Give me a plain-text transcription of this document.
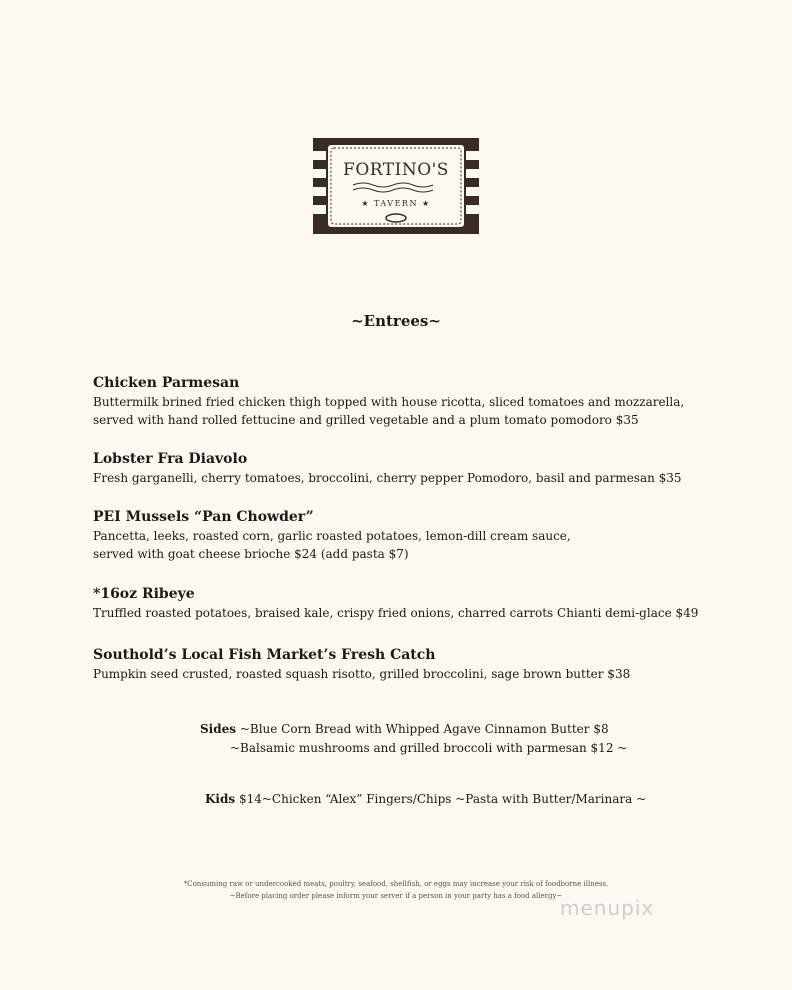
FORTINO'S
★ TAVERN ★
~Entrees~
Chicken Parmesan
Buttermilk brined fried chicken thigh topped with house ricotta, sliced tomatoes and mozzarella,
served with hand rolled fettucine and grilled vegetable and a plum tomato pomodoro $35
Lobster Fra Diavolo
Fresh garganelli, cherry tomatoes, broccolini, cherry pepper Pomodoro, basil and parmesan $35
PEI Mussels “Pan Chowder”
Pancetta, leeks, roasted corn, garlic roasted potatoes, lemon-dill cream sauce,
served with goat cheese brioche $24 (add pasta $7)
*16oz Ribeye
Truffled roasted potatoes, braised kale, crispy fried onions, charred carrots Chianti demi-glace $49
Southold’s Local Fish Market’s Fresh Catch
Pumpkin seed crusted, roasted squash risotto, grilled broccolini, sage brown butter $38
Sides ~Blue Corn Bread with Whipped Agave Cinnamon Butter $8
~Balsamic mushrooms and grilled broccoli with parmesan $12 ~
Kids $14~Chicken “Alex” Fingers/Chips ~Pasta with Butter/Marinara ~
*Consuming raw or undercooked meats, poultry, seafood, shellfish, or eggs may increase your risk of foodborne illness.
~Before placing order please inform your server if a person in your party has a food allergy~
menupix
